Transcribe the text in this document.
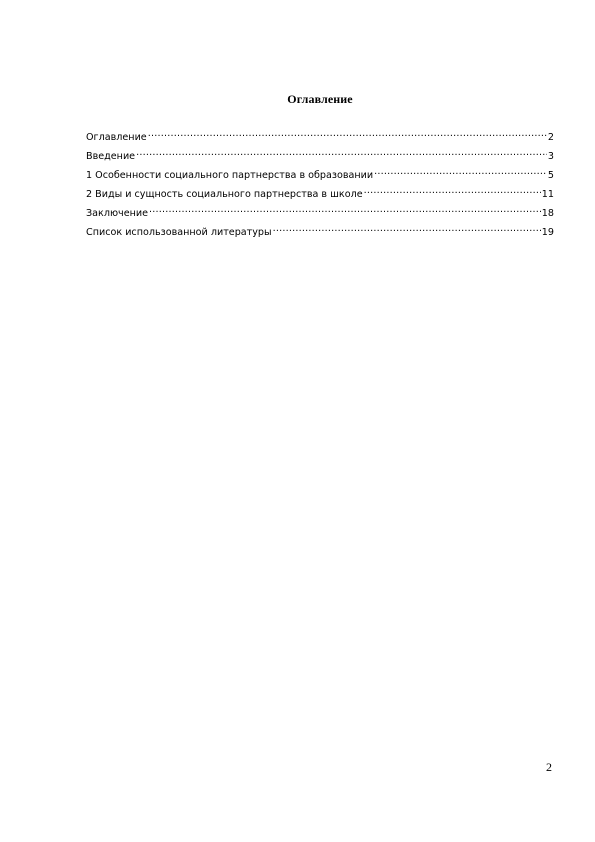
Оглавление
Оглавление .....	2
Введение .....	3
1 Особенности социального партнерства в образовании .....	5
2 Виды и сущность социального партнерства в школе .....	11
Заключение .....	18
Список использованной литературы .....	19
2
